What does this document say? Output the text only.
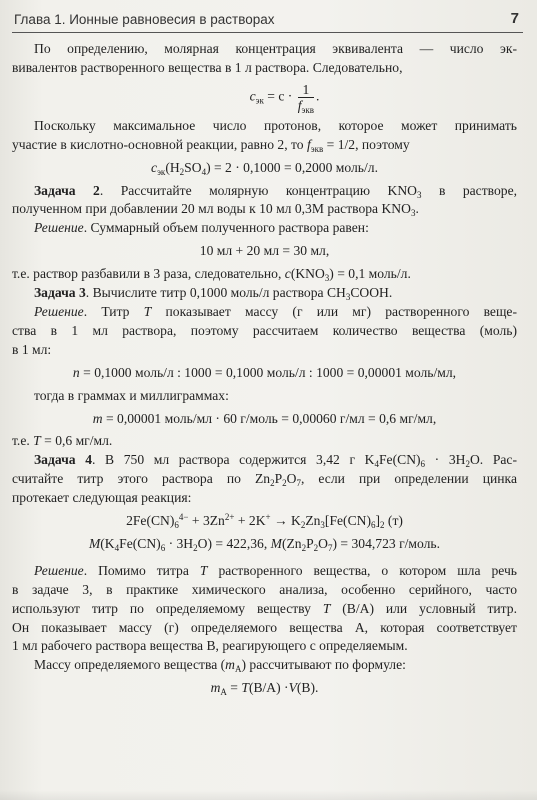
Глава 1. Ионные равновесия в растворах	7

По определению, молярная концентрация эквивалента — число эк-

вивалентов растворенного вещества в 1 л раствора. Следовательно,

$c_{эк} = c \cdot \frac{1}{f_{экв}}$ .

Поскольку максимальное число протонов, которое может принимать

участие в кислотно-основной реакции, равно 2, то $f_{экв} = 1/2$, поэтому

$c_{эк}(H_2SO_4) = 2 \cdot 0,1000 = 0,2000$ моль/л.

Задача 2. Рассчитайте молярную концентрацию $KNO_3$ в растворе,

полученном при добавлении 20 мл воды к 10 мл 0,3М раствора $KNO_3$.

Решение. Суммарный объем полученного раствора равен:

10 мл + 20 мл = 30 мл,

т.е. раствор разбавили в 3 раза, следовательно, $c(KNO_3) = 0,1$ моль/л.

Задача 3. Вычислите титр 0,1000 моль/л раствора $CH_3COOH$.

Решение. Титр T показывает массу (г или мг) растворенного веще-

ства в 1 мл раствора, поэтому рассчитаем количество вещества (моль)

в 1 мл:

n = 0,1000 моль/л : 1000 = 0,1000 моль/л : 1000 = 0,00001 моль/мл,

тогда в граммах и миллиграммах:

m = 0,00001 моль/мл · 60 г/моль = 0,00060 г/мл = 0,6 мг/мл,

т.е. T = 0,6 мг/мл.

Задача 4. В 750 мл раствора содержится 3,42 г $K_4Fe(CN)_6 \cdot 3H_2O$. Рас-

считайте титр этого раствора по $Zn_2P_2O_7$, если при определении цинка

протекает следующая реакция:

$2Fe(CN)_6^{4-} + 3Zn^{2+} + 2K^+ \to K_2Zn_3[Fe(CN)_6]_2$ (т)

$M(K_4Fe(CN)_6 \cdot 3H_2O) = 422,36$, $M(Zn_2P_2O_7) = 304,723$ г/моль.

Решение. Помимо титра T растворенного вещества, о котором шла речь

в задаче 3, в практике химического анализа, особенно серийного, часто

используют титр по определяемому веществу T (B/A) или условный титр.

Он показывает массу (г) определяемого вещества А, которая соответствует

1 мл рабочего раствора вещества В, реагирующего с определяемым.

Массу определяемого вещества $(m_A)$ рассчитывают по формуле:

$m_A = T(B/A) \cdot V(B)$.
